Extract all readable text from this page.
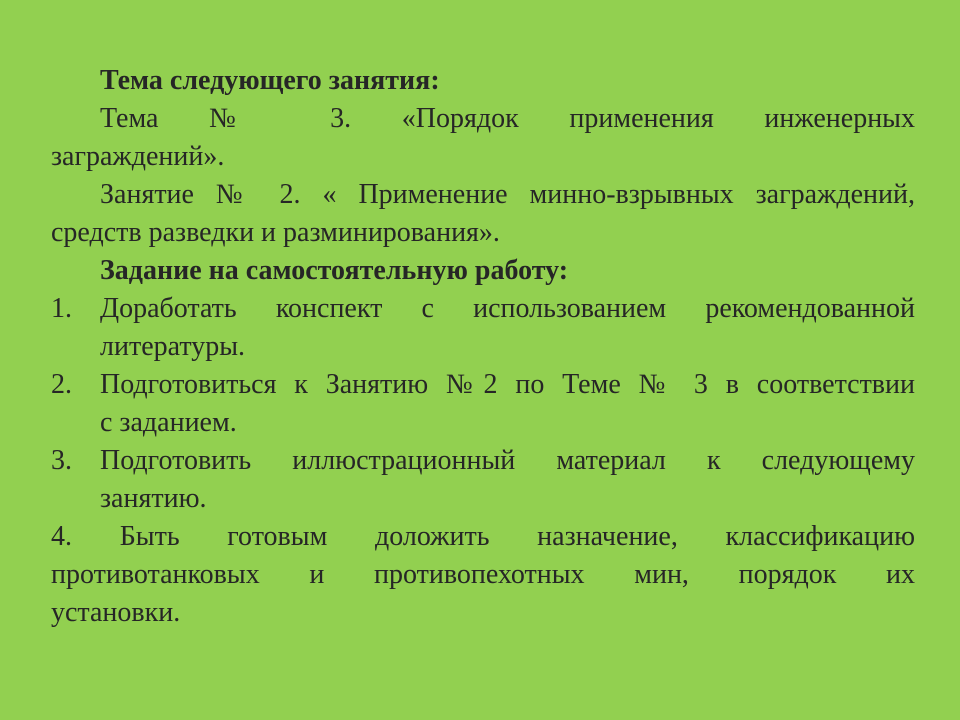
Тема следующего занятия:
Тема № 3. «Порядок применения инженерных
заграждений».
Занятие № 2. « Применение минно-взрывных заграждений,
средств разведки и разминирования».
Задание на самостоятельную работу:
1.	Доработать конспект с использованием рекомендованной
литературы.
2.	Подготовиться к Занятию №2 по Теме № 3 в соответствии
с заданием.
3.	Подготовить иллюстрационный материал к следующему
занятию.
4. Быть готовым доложить назначение, классификацию
противотанковых и противопехотных мин, порядок их
установки.
